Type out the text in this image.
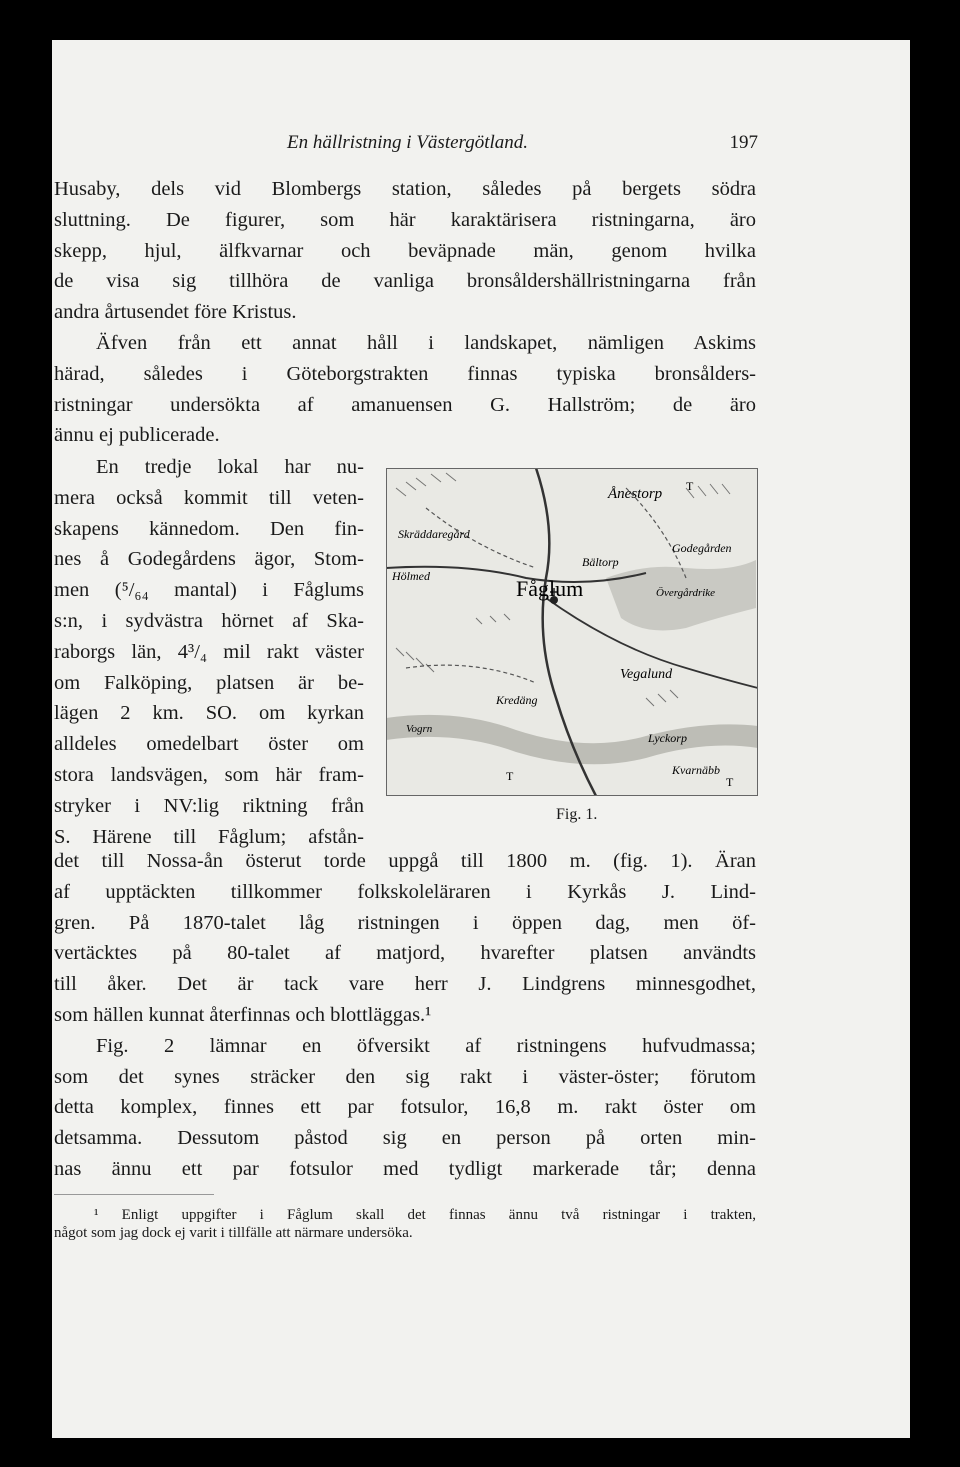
En hällristning i Västergötland.	197
Husaby, dels vid Blombergs station, således på bergets södra
sluttning. De figurer, som här karaktärisera ristningarna, äro
skepp, hjul, älfkvarnar och beväpnade män, genom hvilka
de visa sig tillhöra de vanliga bronsåldershällristningarna från
andra årtusendet före Kristus.
Äfven från ett annat håll i landskapet, nämligen Askims
härad, således i Göteborgstrakten finnas typiska bronsålders-
ristningar undersökta af amanuensen G. Hallström; de äro
ännu ej publicerade.
En tredje lokal har nu-
mera också kommit till veten-
skapens kännedom. Den fin-
nes å Godegårdens ägor, Stom-
men (⁵/₆₄ mantal) i Fåglums
s:n, i sydvästra hörnet af Ska-
raborgs län, 4³/₄ mil rakt väster
om Falköping, platsen är be-
lägen 2 km. SO. om kyrkan
alldeles omedelbart öster om
stora landsvägen, som här fram-
stryker i NV:lig riktning från
S. Härene till Fåglum; afstån-
Ånestorp
Fåglum
Skräddaregård
Hölmed
Bältorp
Godegården
Övergårdrike
Vegalund
Kredäng
Vogrn
Lyckorp
Kvarnäbb
T
T	T
Fig. 1.
det till Nossa-ån österut torde uppgå till 1800 m. (fig. 1). Äran
af upptäckten tillkommer folkskoleläraren i Kyrkås J. Lind-
gren. På 1870-talet låg ristningen i öppen dag, men öf-
vertäcktes på 80-talet af matjord, hvarefter platsen användts
till åker. Det är tack vare herr J. Lindgrens minnesgodhet,
som hällen kunnat återfinnas och blottläggas.¹
Fig. 2 lämnar en öfversikt af ristningens hufvudmassa;
som det synes sträcker den sig rakt i väster-öster; förutom
detta komplex, finnes ett par fotsulor, 16,8 m. rakt öster om
detsamma. Dessutom påstod sig en person på orten min-
nas ännu ett par fotsulor med tydligt markerade tår; denna
¹ Enligt uppgifter i Fåglum skall det finnas ännu två ristningar i trakten,
något som jag dock ej varit i tillfälle att närmare undersöka.
